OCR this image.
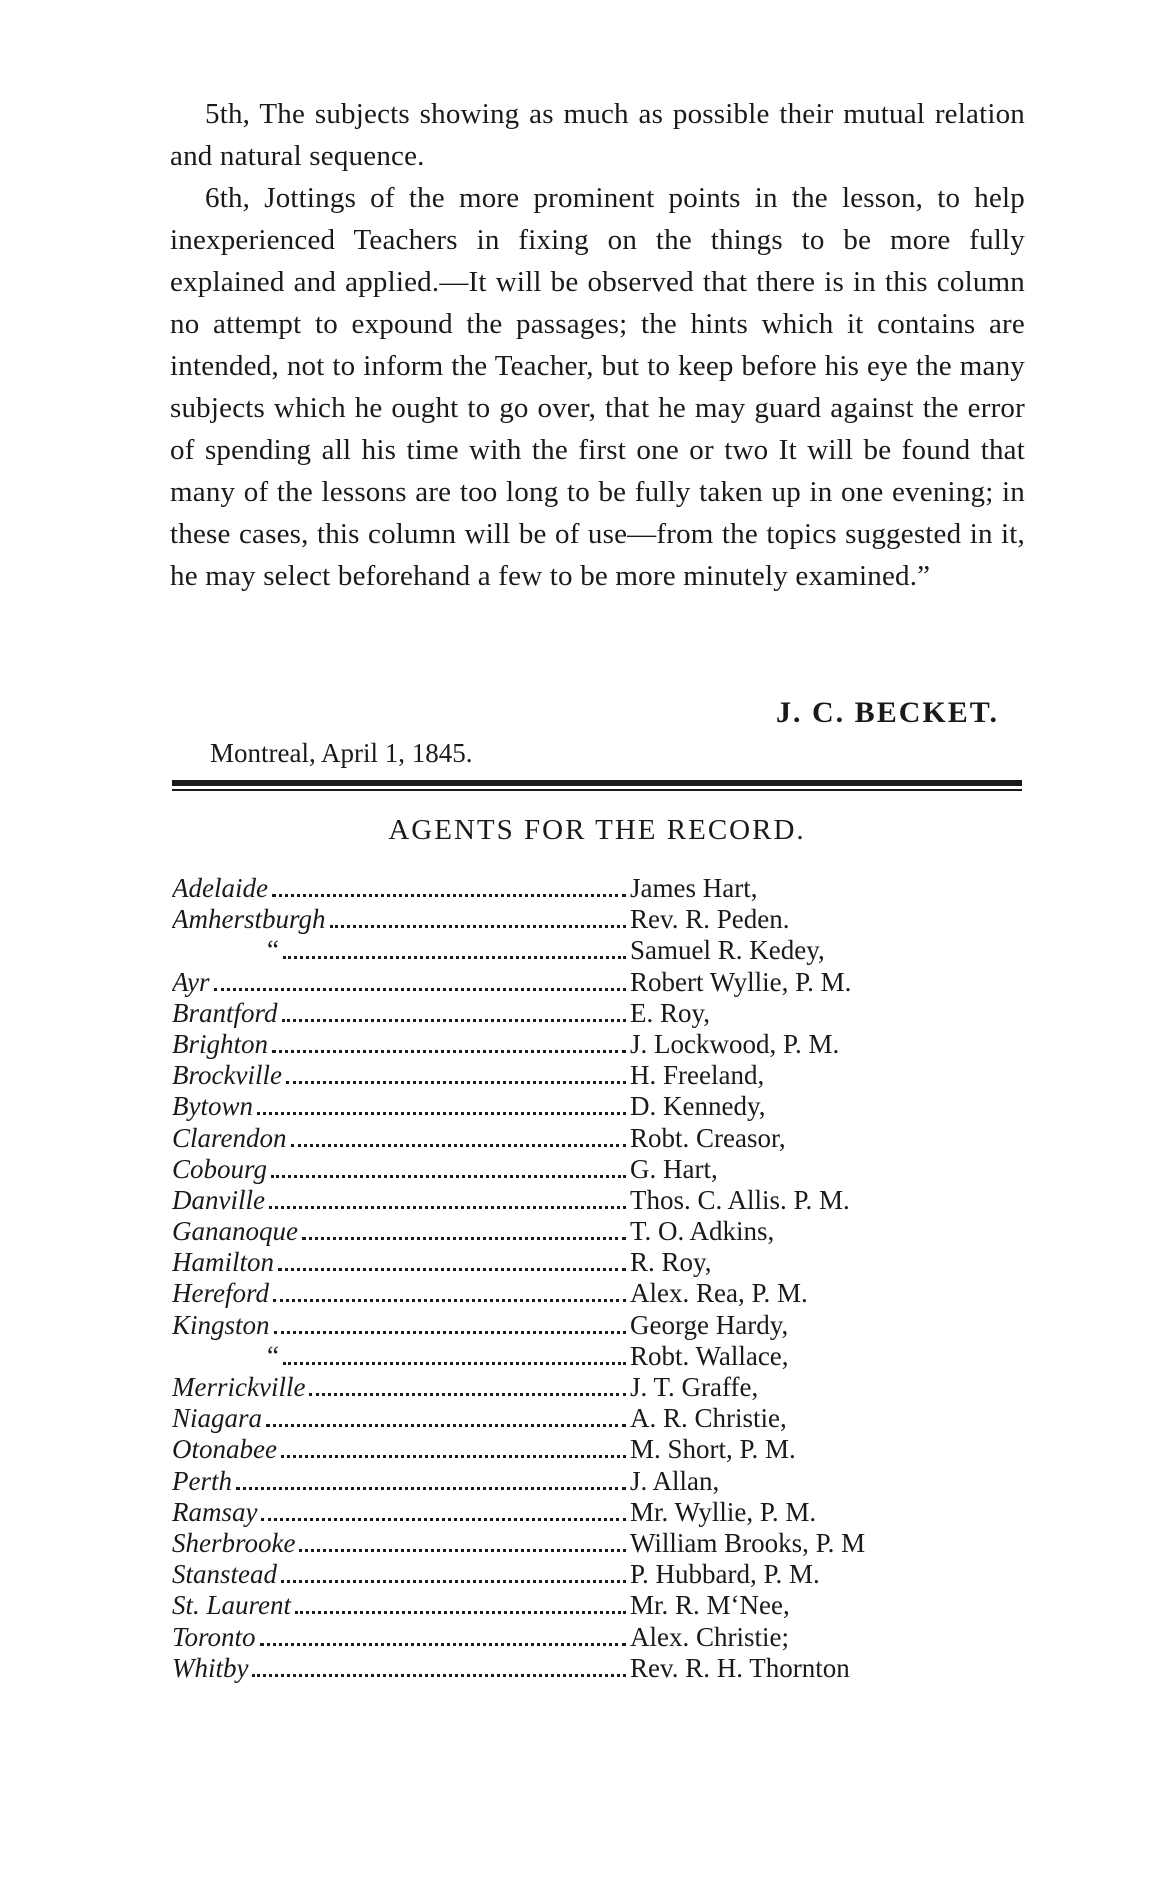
5th, The subjects showing as much as possible their mutual relation and natural sequence.

6th, Jottings of the more prominent points in the lesson, to help inexperienced Teachers in fixing on the things to be more fully explained and applied.—It will be observed that there is in this column no attempt to expound the passages; the hints which it contains are intended, not to inform the Teacher, but to keep before his eye the many subjects which he ought to go over, that he may guard against the error of spending all his time with the first one or two It will be found that many of the lessons are too long to be fully taken up in one evening; in these cases, this column will be of use—from the topics suggested in it, he may select beforehand a few to be more minutely examined.”

J. C. BECKET.
Montreal, April 1, 1845.
AGENTS FOR THE RECORD.
Adelaide	James Hart,
Amherstburgh	Rev. R. Peden.
“	Samuel R. Kedey,
Ayr	Robert Wyllie, P. M.
Brantford	E. Roy,
Brighton	J. Lockwood, P. M.
Brockville	H. Freeland,
Bytown	D. Kennedy,
Clarendon	Robt. Creasor,
Cobourg	G. Hart,
Danville	Thos. C. Allis. P. M.
Gananoque	T. O. Adkins,
Hamilton	R. Roy,
Hereford	Alex. Rea, P. M.
Kingston	George Hardy,
“	Robt. Wallace,
Merrickville	J. T. Graffe,
Niagara	A. R. Christie,
Otonabee	M. Short, P. M.
Perth	J. Allan,
Ramsay	Mr. Wyllie, P. M.
Sherbrooke	William Brooks, P. M
Stanstead	P. Hubbard, P. M.
St. Laurent	Mr. R. M‘Nee,
Toronto	Alex. Christie;
Whitby	Rev. R. H. Thornton
